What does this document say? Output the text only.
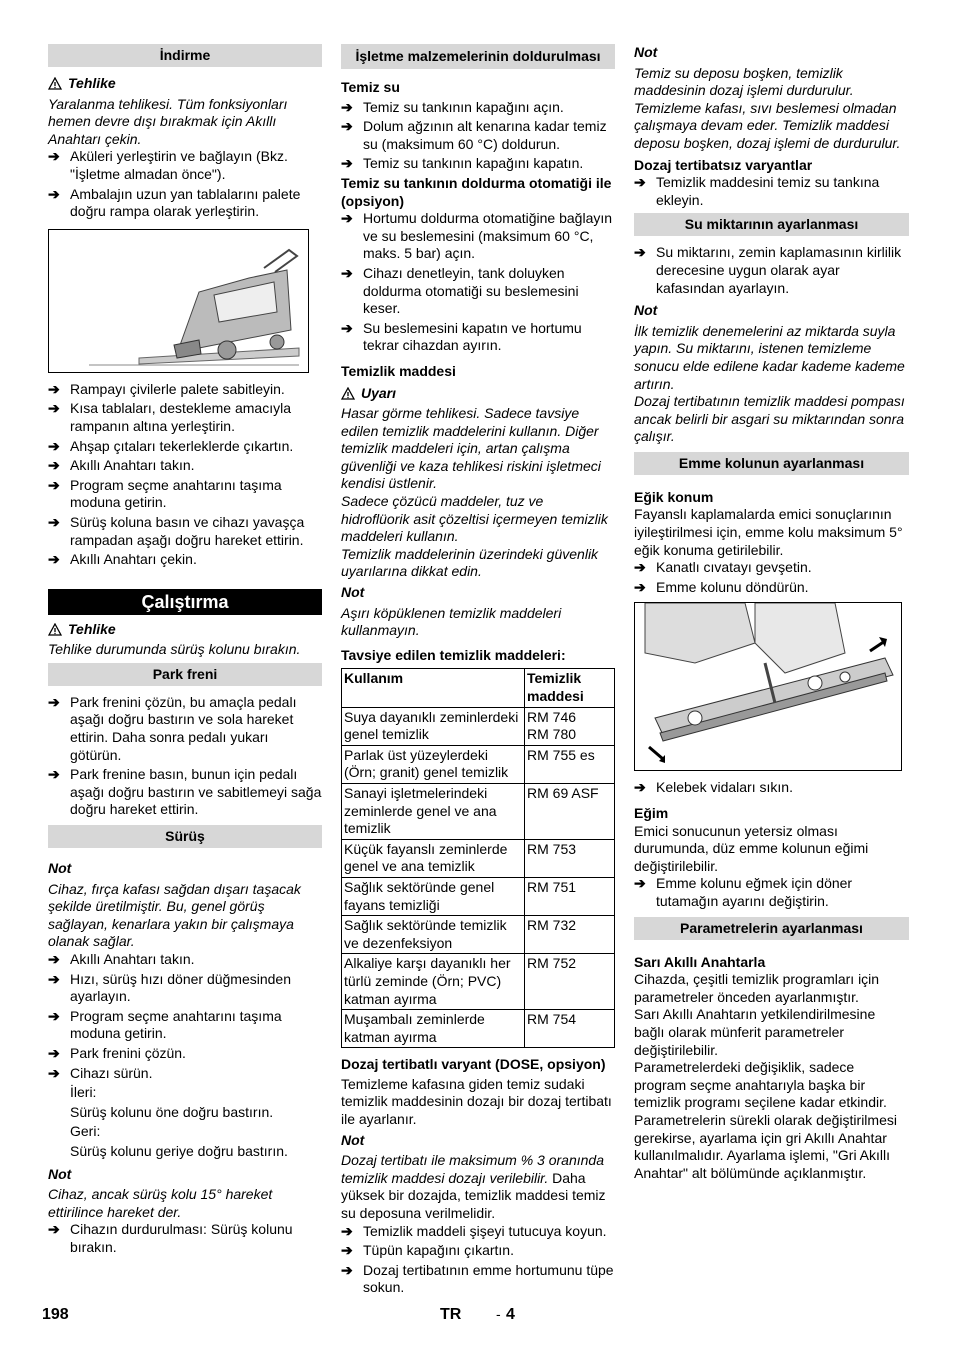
İndirme
Tehlike

Yaralanma tehlikesi. Tüm fonksiyonları hemen devre dışı bırakmak için Akıllı Anahtarı çekin.

➔ Aküleri yerleştirin ve bağlayın (Bkz. "İşletme almadan önce").
➔ Ambalajın uzun yan tablalarını palete doğru rampa olarak yerleştirin.
➔ Rampayı çivilerle palete sabitleyin.
➔ Kısa tablaları, destekleme amacıyla rampanın altına yerleştirin.
➔ Ahşap çıtaları tekerleklerde çıkartın.
➔ Akıllı Anahtarı takın.
➔ Program seçme anahtarını taşıma moduna getirin.
➔ Sürüş koluna basın ve cihazı yavaşça rampadan aşağı doğru hareket ettirin.
➔ Akıllı Anahtarı çekin.
Çalıştırma
Tehlike

Tehlike durumunda sürüş kolunu bırakın.

Park freni
➔ Park frenini çözün, bu amaçla pedalı aşağı doğru bastırın ve sola hareket ettirin. Daha sonra pedalı yukarı götürün.
➔ Park frenine basın, bunun için pedalı aşağı doğru bastırın ve sabitlemeyi sağa doğru hareket ettirin.
Sürüş

Not

Cihaz, fırça kafası sağdan dışarı taşacak şekilde üretilmiştir. Bu, genel görüş sağlayan, kenarlara yakın bir çalışmaya olanak sağlar.

➔ Akıllı Anahtarı takın.
➔ Hızı, sürüş hızı döner düğmesinden ayarlayın.
➔ Program seçme anahtarını taşıma moduna getirin.
➔ Park frenini çözün.
➔ Cihazı sürün.

İleri:

Sürüş kolunu öne doğru bastırın.

Geri:

Sürüş kolunu geriye doğru bastırın.

Not

Cihaz, ancak sürüş kolu 15° hareket ettirilince hareket der.

➔ Cihazın durdurulması: Sürüş kolunu bırakın.
İşletme malzemelerinin doldurulması

Temiz su

➔ Temiz su tankının kapağını açın.
➔ Dolum ağzının alt kenarına kadar temiz su (maksimum 60 °C) doldurun.
➔ Temiz su tankının kapağını kapatın.

Temiz su tankının doldurma otomatiği ile (opsiyon)

➔ Hortumu doldurma otomatiğine bağlayın ve su beslemesini (maksimum 60 °C, maks. 5 bar) açın.
➔ Cihazı denetleyin, tank doluyken doldurma otomatiği su beslemesini keser.
➔ Su beslemesini kapatın ve hortumu tekrar cihazdan ayırın.

Temizlik maddesi

Uyarı

Hasar görme tehlikesi. Sadece tavsiye edilen temizlik maddelerini kullanın. Diğer temizlik maddeleri için, artan çalışma güvenliği ve kaza tehlikesi riskini işletmeci kendisi üstlenir.

Sadece çözücü maddeler, tuz ve hidroflüorik asit çözeltisi içermeyen temizlik maddeleri kullanın.

Temizlik maddelerinin üzerindeki güvenlik uyarılarına dikkat edin.

Not

Aşırı köpüklenen temizlik maddeleri kullanmayın.

Tavsiye edilen temizlik maddeleri:

Kullanım	Temizlik maddesi
Suya dayanıklı zeminlerdeki genel temizlik	RM 746
RM 780
Parlak üst yüzeylerdeki (Örn; granit) genel temizlik	RM 755 es
Sanayi işletmelerindeki zeminlerde genel ve ana temizlik	RM 69 ASF
Küçük fayanslı zeminlerde genel ve ana temizlik	RM 753
Sağlık sektöründe genel fayans temizliği	RM 751
Sağlık sektöründe temizlik ve dezenfeksiyon	RM 732
Alkaliye karşı dayanıklı her türlü zeminde (Örn; PVC) katman ayırma	RM 752
Muşambalı zeminlerde katman ayırma	RM 754

Dozaj tertibatlı varyant (DOSE, opsiyon)

Temizleme kafasına giden temiz sudaki temizlik maddesinin dozajı bir dozaj tertibatı ile ayarlanır.

Not

Dozaj tertibatı ile maksimum % 3 oranında temizlik maddesi dozajı verilebilir. Daha yüksek bir dozajda, temizlik maddesi temiz su deposuna verilmelidir.

➔ Temizlik maddeli şişeyi tutucuya koyun.
➔ Tüpün kapağını çıkartın.
➔ Dozaj tertibatının emme hortumunu tüpe sokun.

Not

Temiz su deposu boşken, temizlik maddesinin dozaj işlemi durdurulur. Temizleme kafası, sıvı beslemesi olmadan çalışmaya devam eder. Temizlik maddesi deposu boşken, dozaj işlemi de durdurulur.

Dozaj tertibatsız varyantlar

➔ Temizlik maddesini temiz su tankına ekleyin.
Su miktarının ayarlanması
➔ Su miktarını, zemin kaplamasının kirlilik derecesine uygun olarak ayar kafasından ayarlayın.

Not

İlk temizlik denemelerini az miktarda suyla yapın. Su miktarını, istenen temizleme sonucu elde edilene kadar kademe kademe artırın.

Dozaj tertibatının temizlik maddesi pompası ancak belirli bir asgari su miktarından sonra çalışır.

Emme kolunun ayarlanması

Eğik konum

Fayanslı kaplamalarda emici sonuçlarının iyileştirilmesi için, emme kolu maksimum 5° eğik konuma getirilebilir.

➔ Kanatlı cıvatayı gevşetin.
➔ Emme kolunu döndürün.
➔ Kelebek vidaları sıkın.

Eğim

Emici sonucunun yetersiz olması durumunda, düz emme kolunun eğimi değiştirilebilir.

➔ Emme kolunu eğmek için döner tutamağın ayarını değiştirin.
Parametrelerin ayarlanması

Sarı Akıllı Anahtarla

Cihazda, çeşitli temizlik programları için parametreler önceden ayarlanmıştır.

Sarı Akıllı Anahtarın yetkilendirilmesine bağlı olarak münferit parametreler değiştirilebilir.

Parametrelerdeki değişiklik, sadece program seçme anahtarıyla başka bir temizlik programı seçilene kadar etkindir.

Parametrelerin sürekli olarak değiştirilmesi gerekirse, ayarlama için gri Akıllı Anahtar kullanılmalıdır. Ayarlama işlemi, "Gri Akıllı Anahtar" alt bölümünde açıklanmıştır.

198	TR - 4
